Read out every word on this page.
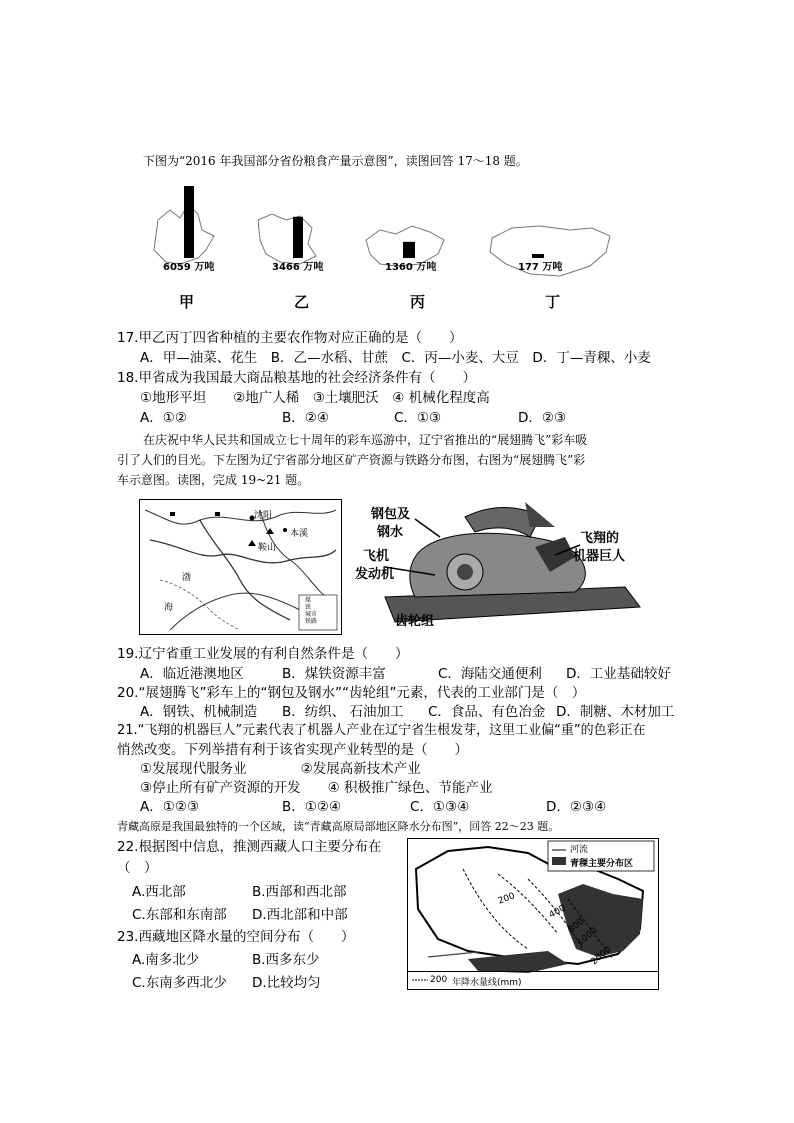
下图为“2016 年我国部分省份粮食产量示意图”，读图回答 17～18 题。
6059 万吨	3466 万吨	1360 万吨	177 万吨
甲	乙	丙	丁
17.甲乙丙丁四省种植的主要农作物对应正确的是（　　）
A．甲—油菜、花生　B．乙—水稻、甘蔗　C．丙—小麦、大豆　D．丁—青稞、小麦
18.甲省成为我国最大商品粮基地的社会经济条件有（　　）
①地形平坦　　②地广人稀　③土壤肥沃　④ 机械化程度高
A．①②	B．②④	C．①③	D．②③
在庆祝中华人民共和国成立七十周年的彩车巡游中，辽宁省推出的“展翅腾飞”彩车吸
引了人们的目光。下左图为辽宁省部分地区矿产资源与铁路分布图，右图为“展翅腾飞”彩
车示意图。读图，完成 19~21 题。
沈阳
本溪
鞍山
渤
海
煤
铁
城市
铁路
钢包及
钢水
飞机
发动机
齿轮组
飞翔的
机器巨人
19.辽宁省重工业发展的有利自然条件是（　　）
A．临近港澳地区	B．煤铁资源丰富	C．海陆交通便利 D．工业基础较好
20.“展翅腾飞”彩车上的“钢包及钢水”“齿轮组”元素，代表的工业部门是（　）
A．钢铁、机械制造 B．纺织、 石油加工 C．食品、有色冶金 D．制糖、木材加工
21.“飞翔的机器巨人”元素代表了机器人产业在辽宁省生根发芽，这里工业偏“重”的色彩正在
悄然改变。下列举措有利于该省实现产业转型的是（　　）
①发展现代服务业　　　　②发展高新技术产业
③停止所有矿产资源的开发　　④ 积极推广绿色、节能产业
A．①②③	B．①②④	C．①③④	D．②③④
青藏高原是我国最独特的一个区域，读“青藏高原局部地区降水分布图”，回答 22～23 题。
22.根据图中信息，推测西藏人口主要分布在
（　）
A.西北部	B.西部和西北部
C.东部和东南部 D.西北部和中部
23.西藏地区降水量的空间分布（　　）
A.南多北少	B.西多东少
C.东南多西北少 D.比较均匀
河流
青稞主要分布区
200
400
800
1000
2000
200 年降水量线(mm)
